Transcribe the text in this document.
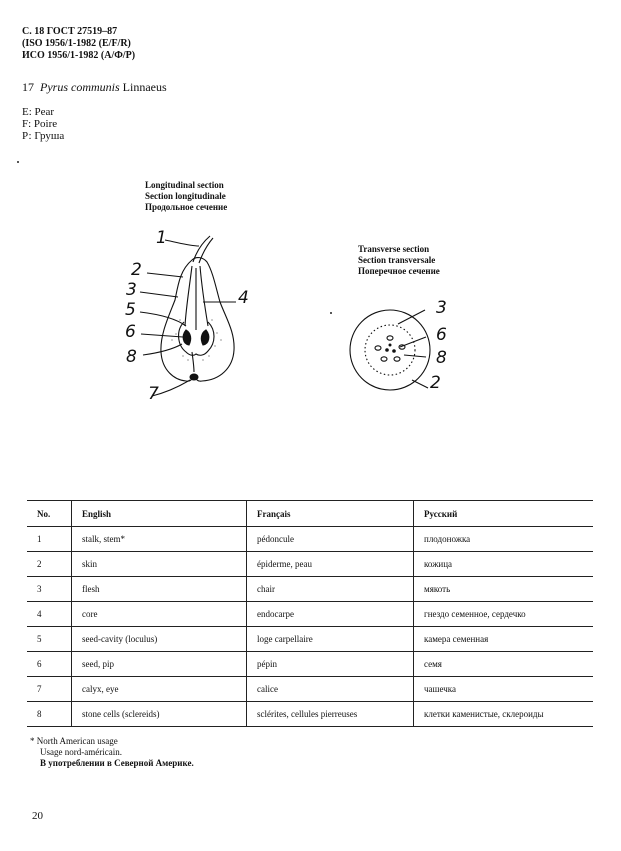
С. 18 ГОСТ 27519–87
(ISO 1956/1-1982 (E/F/R)
ИСО 1956/1-1982 (А/Ф/Р)
17 Pyrus communis Linnaeus
E: Pear
F: Poire
Р: Груша
Longitudinal section
Section longitudinale
Продольное сечение
Transverse section
Section transversale
Поперечное сечение
1
2
3
5
4
6
8
7
3
6
8
2
No.	English	Français	Русский
1	stalk, stem*	pédoncule	плодоножка
2	skin	épiderme, peau	кожица
3	flesh	chair	мякоть
4	core	endocarpe	гнездо семенное, сердечко
5	seed-cavity (loculus)	loge carpellaire	камера семенная
6	seed, pip	pépin	семя
7	calyx, eye	calice	чашечка
8	stone cells (sclereids)	sclérites, cellules pierreuses	клетки каменистые, склероиды
* North American usage
Usage nord-américain.
В употреблении в Северной Америке.
20
